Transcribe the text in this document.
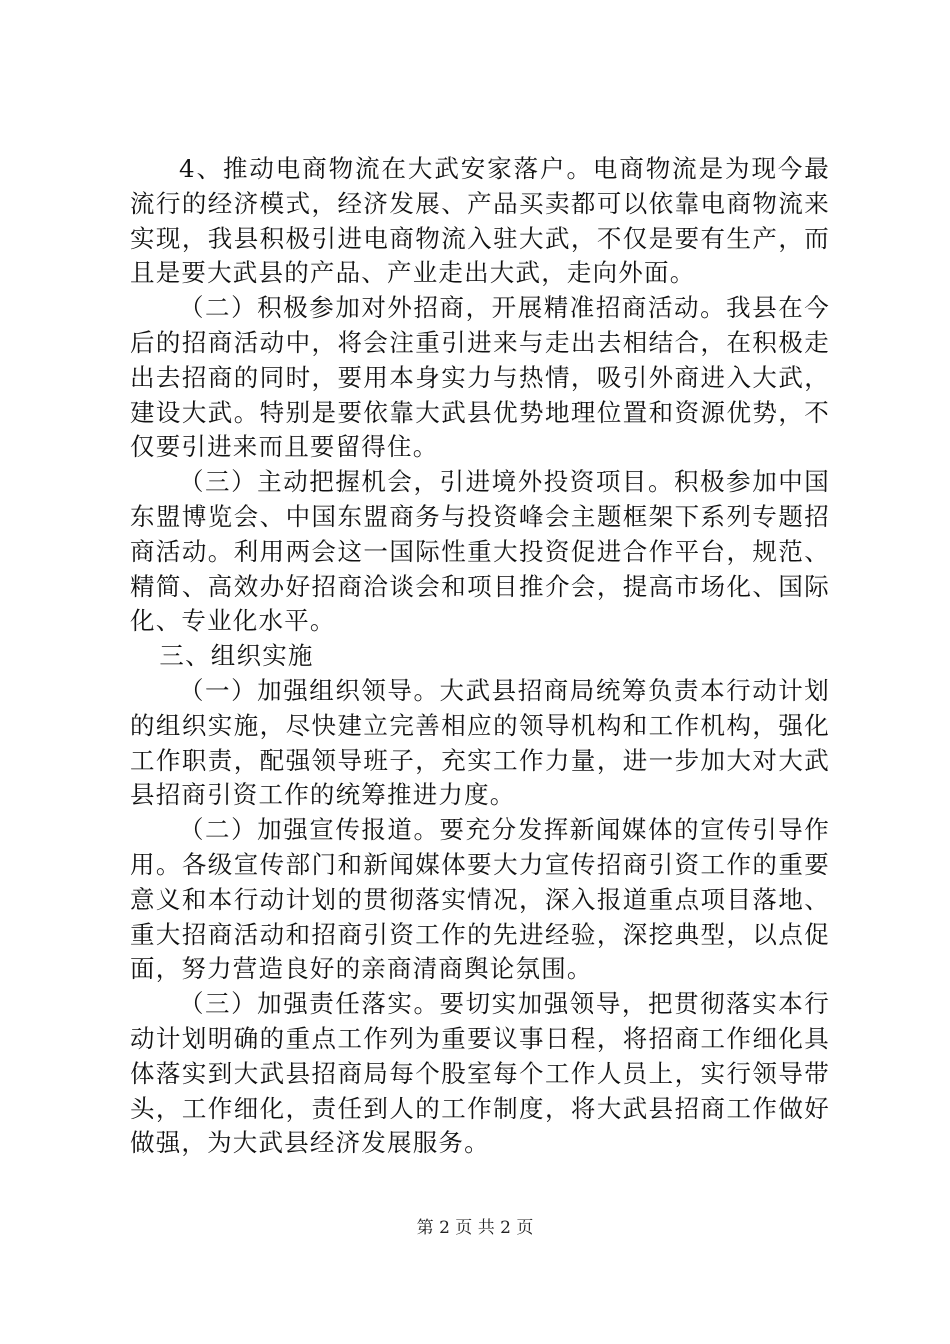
4、推动电商物流在大武安家落户。电商物流是为现今最流行的经济模式，经济发展、产品买卖都可以依靠电商物流来实现，我县积极引进电商物流入驻大武，不仅是要有生产，而且是要大武县的产品、产业走出大武，走向外面。

（二）积极参加对外招商，开展精准招商活动。我县在今后的招商活动中，将会注重引进来与走出去相结合，在积极走出去招商的同时，要用本身实力与热情，吸引外商进入大武，建设大武。特别是要依靠大武县优势地理位置和资源优势，不仅要引进来而且要留得住。

（三）主动把握机会，引进境外投资项目。积极参加中国东盟博览会、中国东盟商务与投资峰会主题框架下系列专题招商活动。利用两会这一国际性重大投资促进合作平台，规范、精简、高效办好招商洽谈会和项目推介会，提高市场化、国际化、专业化水平。

三、组织实施

（一）加强组织领导。大武县招商局统筹负责本行动计划的组织实施，尽快建立完善相应的领导机构和工作机构，强化工作职责，配强领导班子，充实工作力量，进一步加大对大武县招商引资工作的统筹推进力度。

（二）加强宣传报道。要充分发挥新闻媒体的宣传引导作用。各级宣传部门和新闻媒体要大力宣传招商引资工作的重要意义和本行动计划的贯彻落实情况，深入报道重点项目落地、重大招商活动和招商引资工作的先进经验，深挖典型，以点促面，努力营造良好的亲商清商舆论氛围。

（三）加强责任落实。要切实加强领导，把贯彻落实本行动计划明确的重点工作列为重要议事日程，将招商工作细化具体落实到大武县招商局每个股室每个工作人员上，实行领导带头，工作细化，责任到人的工作制度，将大武县招商工作做好做强，为大武县经济发展服务。

第 2 页 共 2 页
